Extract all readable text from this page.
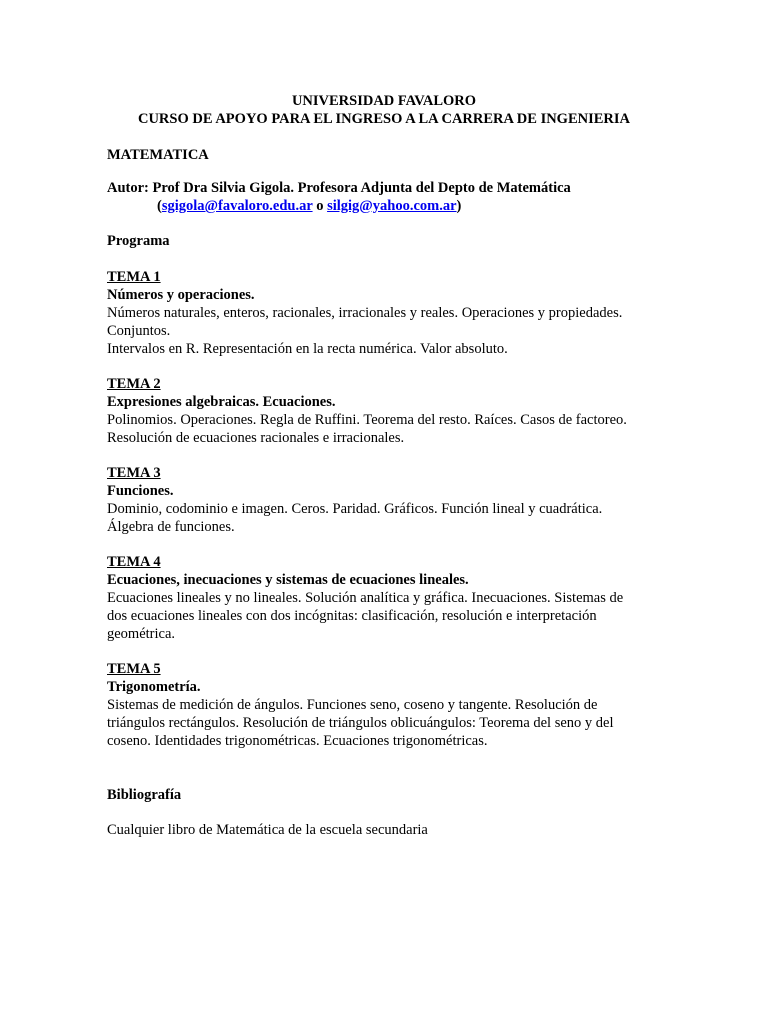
UNIVERSIDAD FAVALORO
CURSO DE APOYO PARA EL INGRESO A LA CARRERA DE INGENIERIA
MATEMATICA
Autor: Prof Dra Silvia Gigola. Profesora Adjunta del Depto de Matemática
(sgigola@favaloro.edu.ar o silgig@yahoo.com.ar)
Programa
TEMA 1
Números y operaciones.
Números naturales, enteros, racionales, irracionales y reales. Operaciones y propiedades.
Conjuntos.
Intervalos en R. Representación en la recta numérica. Valor absoluto.
TEMA 2
Expresiones algebraicas. Ecuaciones.
Polinomios. Operaciones. Regla de Ruffini. Teorema del resto. Raíces. Casos de factoreo.
Resolución de ecuaciones racionales e irracionales.
TEMA 3
Funciones.
Dominio, codominio e imagen. Ceros. Paridad. Gráficos. Función lineal y cuadrática.
Álgebra de funciones.
TEMA 4
Ecuaciones, inecuaciones y sistemas de ecuaciones lineales.
Ecuaciones lineales y no lineales. Solución analítica y gráfica. Inecuaciones. Sistemas de
dos ecuaciones lineales con dos incógnitas: clasificación, resolución e interpretación
geométrica.
TEMA 5
Trigonometría.
Sistemas de medición de ángulos. Funciones seno, coseno y tangente. Resolución de
triángulos rectángulos. Resolución de triángulos oblicuángulos: Teorema del seno y del
coseno. Identidades trigonométricas. Ecuaciones trigonométricas.
Bibliografía
Cualquier libro de Matemática de la escuela secundaria
